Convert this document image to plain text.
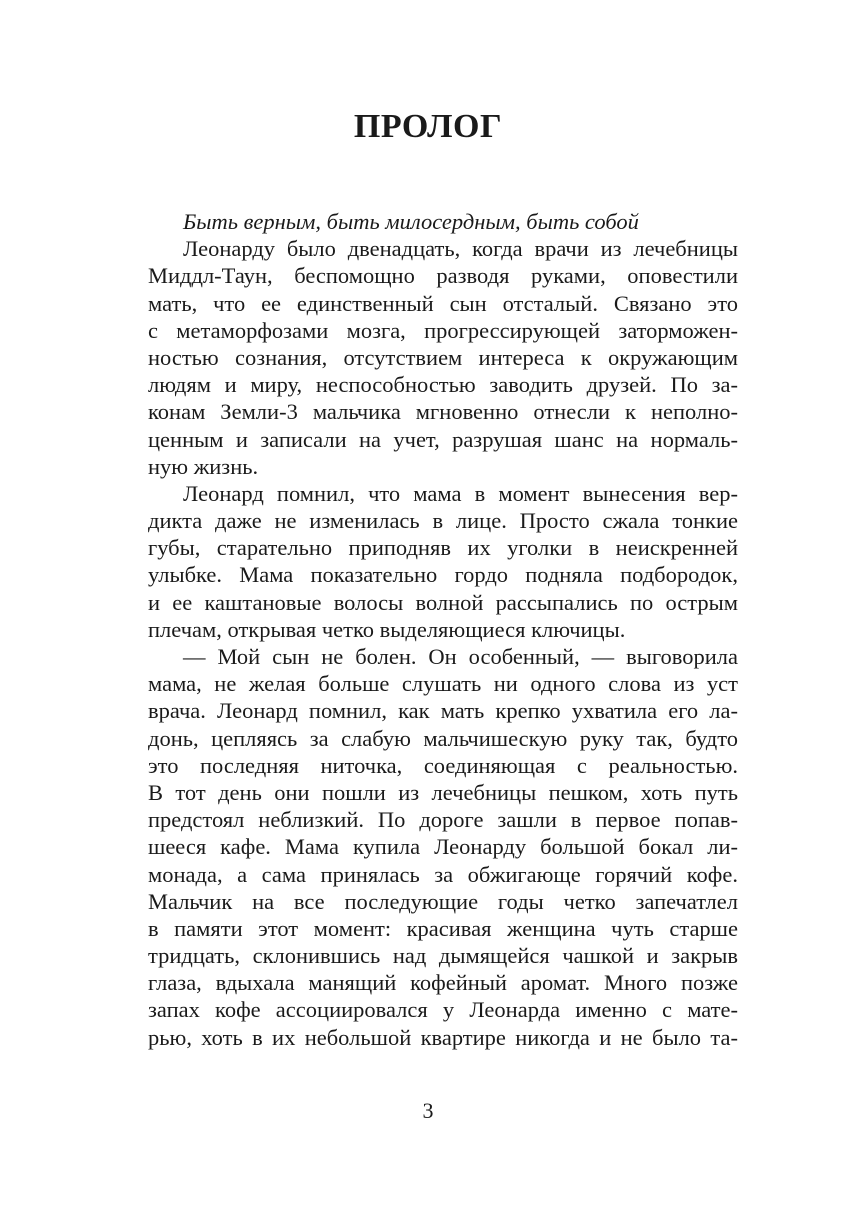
ПРОЛОГ
Быть верным, быть милосердным, быть собой
Леонарду было двенадцать, когда врачи из лечебницы
Миддл-Таун, беспомощно разводя руками, оповестили
мать, что ее единственный сын отсталый. Связано это
с метаморфозами мозга, прогрессирующей заторможен-
ностью сознания, отсутствием интереса к окружающим
людям и миру, неспособностью заводить друзей. По за-
конам Земли-3 мальчика мгновенно отнесли к неполно-
ценным и записали на учет, разрушая шанс на нормаль-
ную жизнь.
Леонард помнил, что мама в момент вынесения вер-
дикта даже не изменилась в лице. Просто сжала тонкие
губы, старательно приподняв их уголки в неискренней
улыбке. Мама показательно гордо подняла подбородок,
и ее каштановые волосы волной рассыпались по острым
плечам, открывая четко выделяющиеся ключицы.
— Мой сын не болен. Он особенный, — выговорила
мама, не желая больше слушать ни одного слова из уст
врача. Леонард помнил, как мать крепко ухватила его ла-
донь, цепляясь за слабую мальчишескую руку так, будто
это последняя ниточка, соединяющая с реальностью.
В тот день они пошли из лечебницы пешком, хоть путь
предстоял неблизкий. По дороге зашли в первое попав-
шееся кафе. Мама купила Леонарду большой бокал ли-
монада, а сама принялась за обжигающе горячий кофе.
Мальчик на все последующие годы четко запечатлел
в памяти этот момент: красивая женщина чуть старше
тридцать, склонившись над дымящейся чашкой и закрыв
глаза, вдыхала манящий кофейный аромат. Много позже
запах кофе ассоциировался у Леонарда именно с мате-
рью, хоть в их небольшой квартире никогда и не было та-
3
